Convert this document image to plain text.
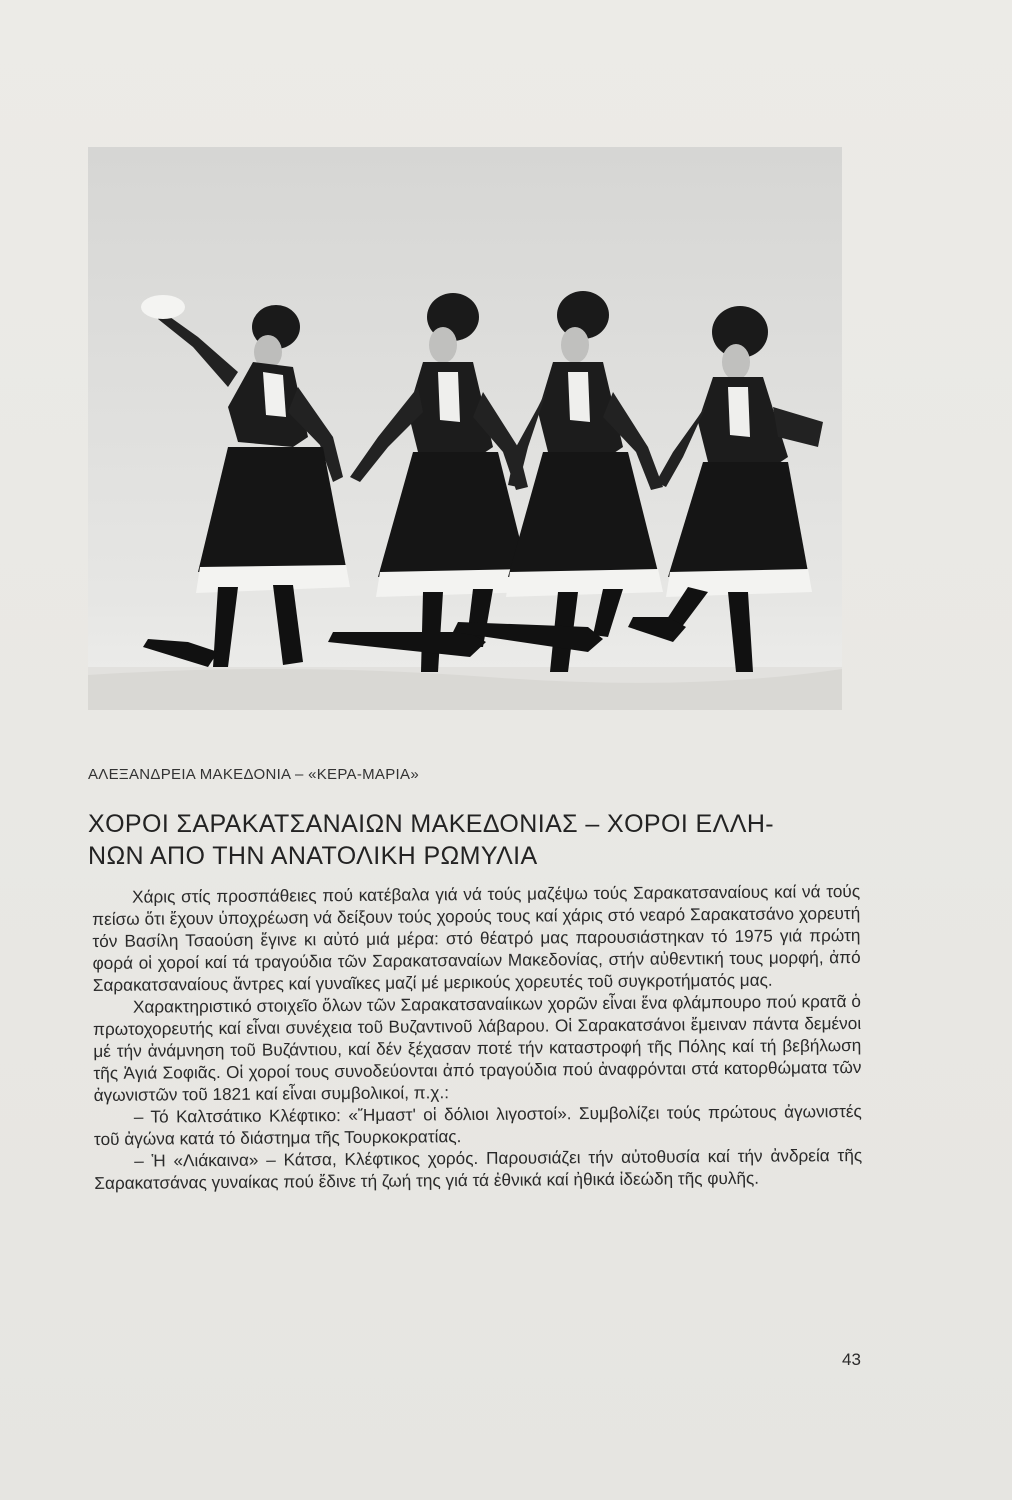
ΑΛΕΞΑΝΔΡΕΙΑ ΜΑΚΕΔΟΝΙΑ – «ΚΕΡΑ-ΜΑΡΙΑ»
ΧΟΡΟΙ ΣΑΡΑΚΑΤΣΑΝΑΙΩΝ ΜΑΚΕΔΟΝΙΑΣ – ΧΟΡΟΙ ΕΛΛΗ-
ΝΩΝ ΑΠΟ ΤΗΝ ΑΝΑΤΟΛΙΚΗ ΡΩΜΥΛΙΑ

Χάρις στίς προσπάθειες πού κατέβαλα γιά νά τούς μαζέψω τούς Σαρακατσαναίους καί νά τούς πείσω ὅτι ἔχουν ὑποχρέωση νά δείξουν τούς χορούς τους καί χάρις στό νεαρό Σαρακατσάνο χορευτή τόν Βασίλη Τσαούση ἔγινε κι αὐτό μιά μέρα: στό θέατρό μας παρουσιάστηκαν τό 1975 γιά πρώτη φορά οἱ χοροί καί τά τραγούδια τῶν Σαρακατσαναίων Μακεδονίας, στήν αὐθεντική τους μορφή, ἀπό Σαρακατσαναίους ἄντρες καί γυναῖκες μαζί μέ μερικούς χορευτές τοῦ συγκροτήματός μας.

Χαρακτηριστικό στοιχεῖο ὅλων τῶν Σαρακατσαναίικων χορῶν εἶναι ἕνα φλάμπουρο πού κρατᾶ ὁ πρωτοχορευτής καί εἶναι συνέχεια τοῦ Βυζαντινοῦ λάβαρου. Οἱ Σαρακατσάνοι ἔμειναν πάντα δεμένοι μέ τήν ἀνάμνηση τοῦ Βυζάντιου, καί δέν ξέχασαν ποτέ τήν καταστροφή τῆς Πόλης καί τή βεβήλωση τῆς Ἁγιά Σοφιᾶς. Οἱ χοροί τους συνοδεύονται ἀπό τραγούδια πού ἀναφρόνται στά κατορθώματα τῶν ἀγωνιστῶν τοῦ 1821 καί εἶναι συμβολικοί, π.χ.:

– Τό Καλτσάτικο Κλέφτικο: «Ἤμαστ' οἱ δόλιοι λιγοστοί». Συμβολίζει τούς πρώτους ἀγωνιστές τοῦ ἀγώνα κατά τό διάστημα τῆς Τουρκοκρατίας.

– Ἡ «Λιάκαινα» – Κάτσα, Κλέφτικος χορός. Παρουσιάζει τήν αὐτοθυσία καί τήν ἀνδρεία τῆς Σαρακατσάνας γυναίκας πού ἔδινε τή ζωή της γιά τά ἐθνικά καί ἠθικά ἰδεώδη τῆς φυλῆς.

43
